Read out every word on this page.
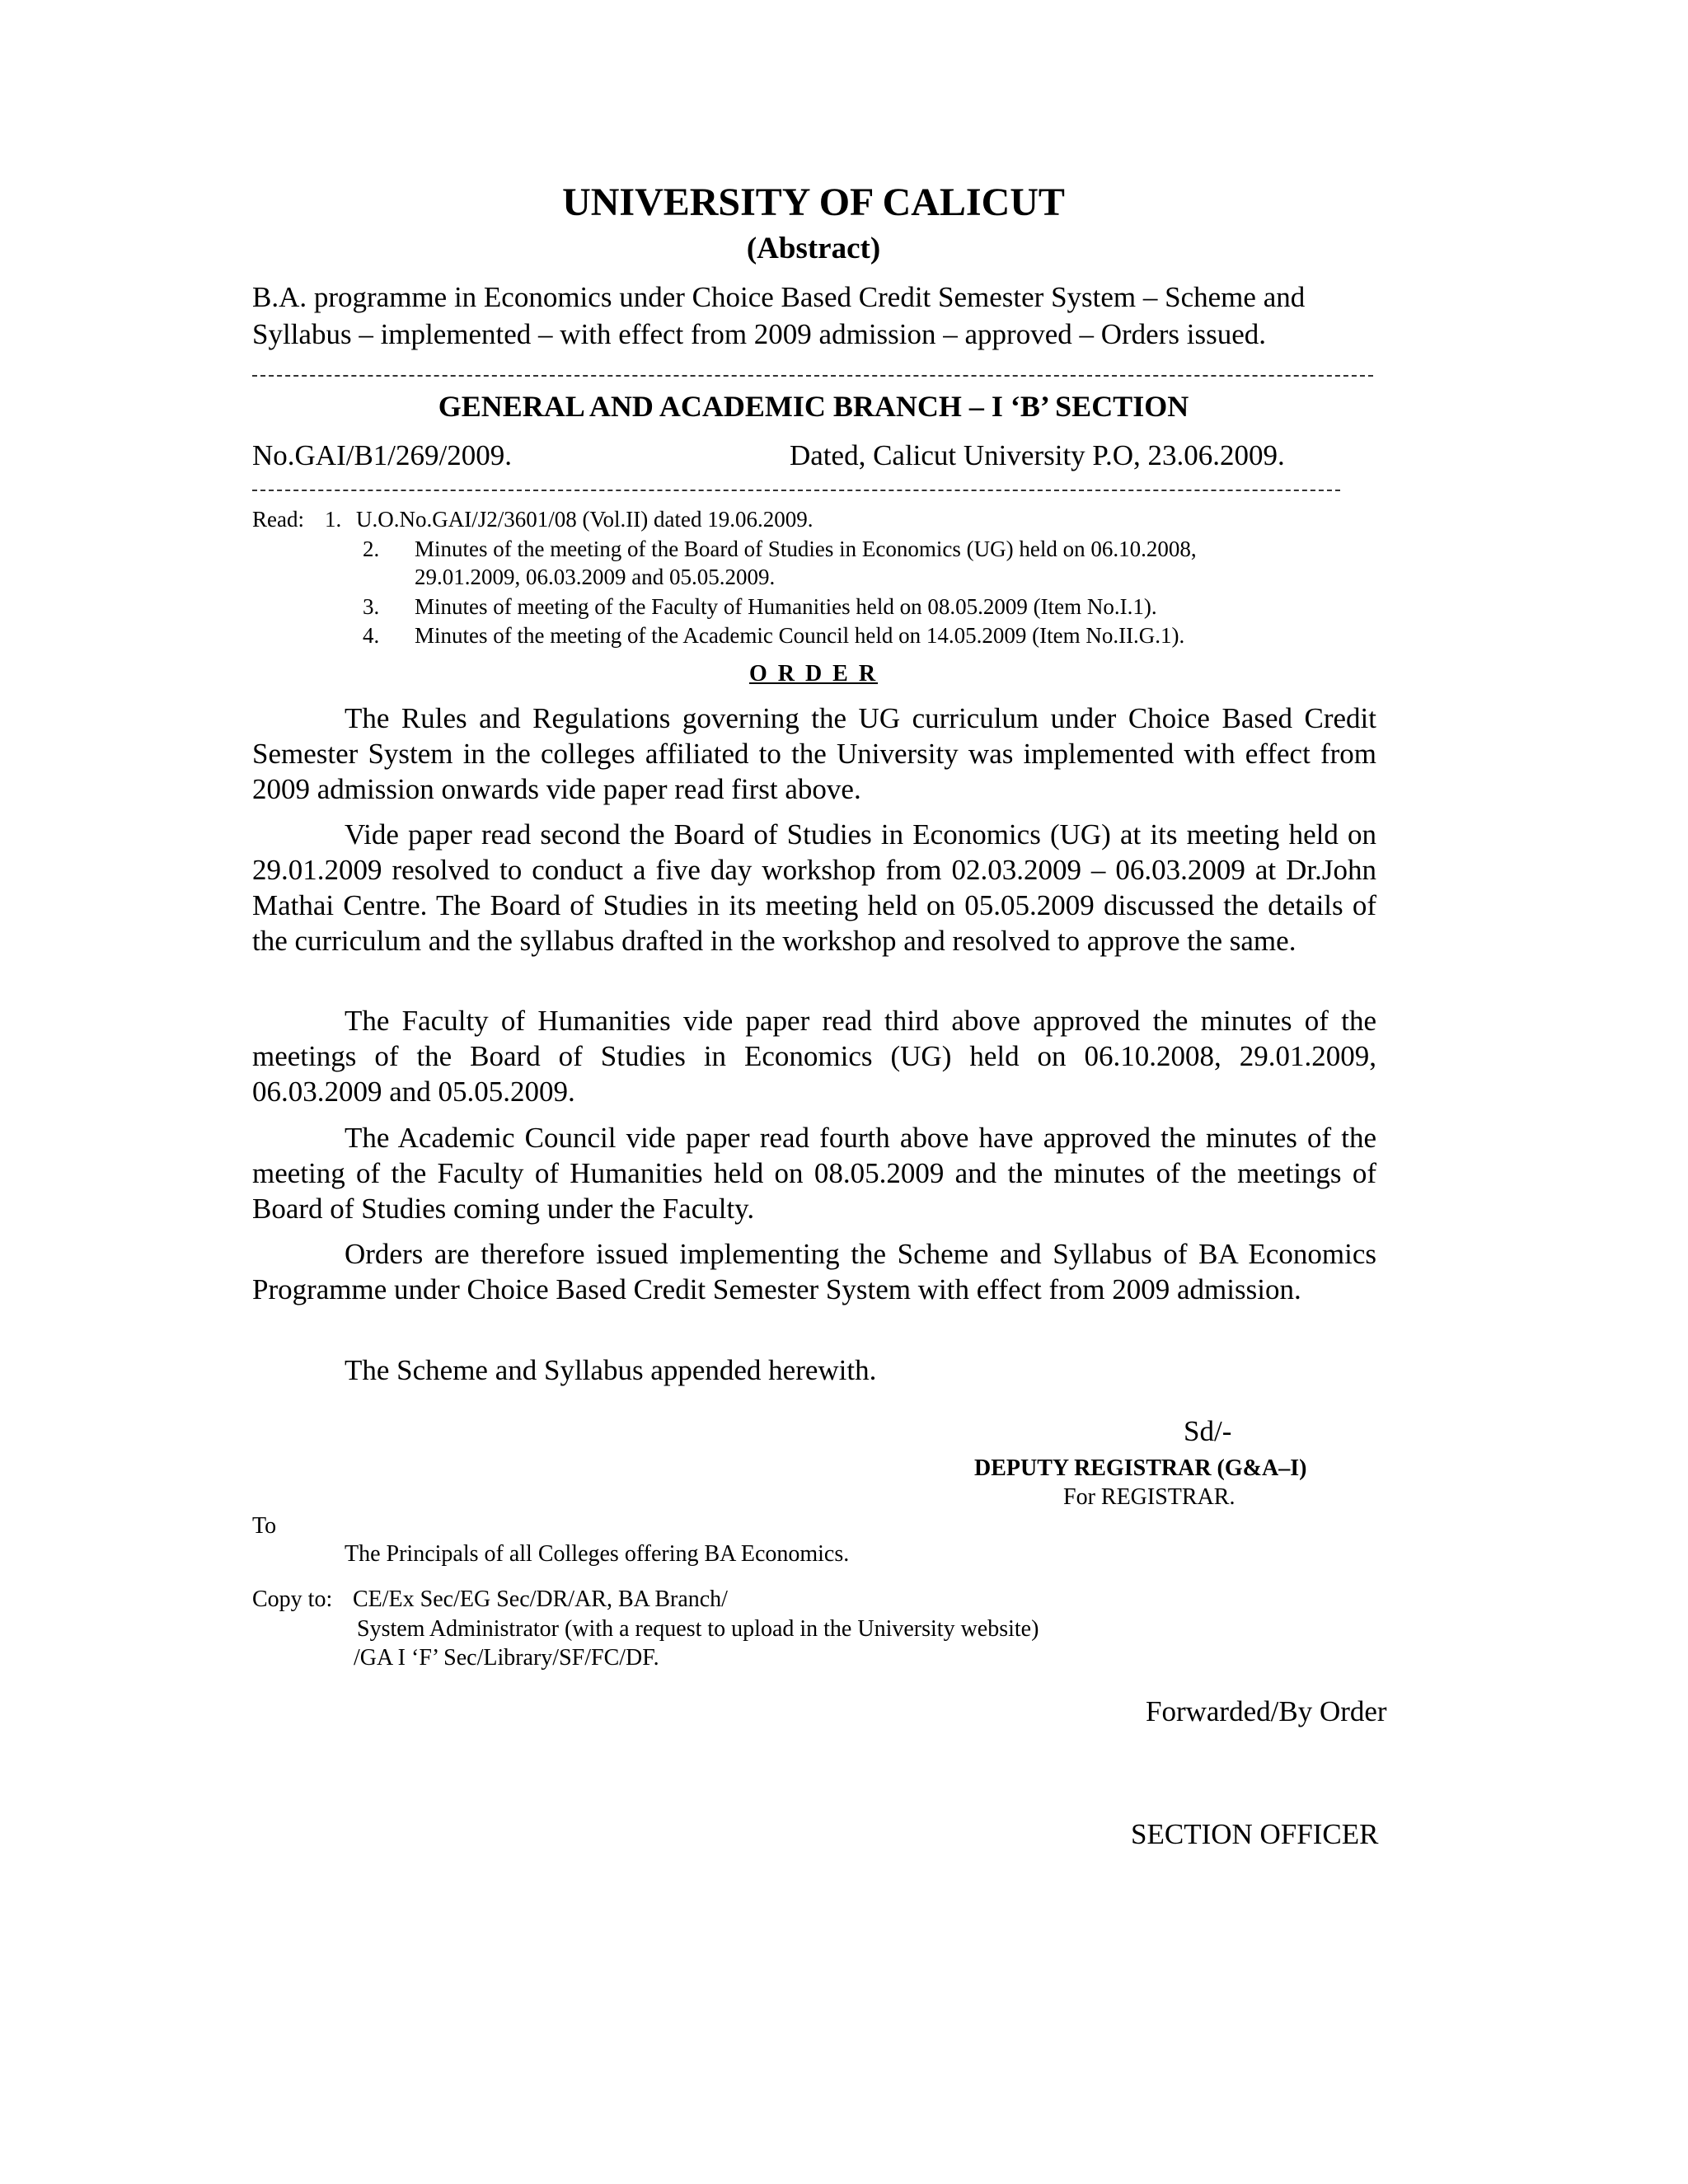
UNIVERSITY OF CALICUT
(Abstract)
B.A. programme in Economics under Choice Based Credit Semester System – Scheme and Syllabus – implemented – with effect from 2009 admission – approved – Orders issued.
GENERAL AND ACADEMIC BRANCH – I ‘B’ SECTION
No.GAI/B1/269/2009.	Dated, Calicut University P.O, 23.06.2009.
Read: 1. U.O.No.GAI/J2/3601/08 (Vol.II) dated 19.06.2009.
2. Minutes of the meeting of the Board of Studies in Economics (UG) held on 06.10.2008,
29.01.2009, 06.03.2009 and 05.05.2009.
3. Minutes of meeting of the Faculty of Humanities held on 08.05.2009 (Item No.I.1).
4. Minutes of the meeting of the Academic Council held on 14.05.2009 (Item No.II.G.1).
O R D E R
The Rules and Regulations governing the UG curriculum under Choice Based Credit Semester System in the colleges affiliated to the University was implemented with effect from 2009 admission onwards vide paper read first above.
Vide paper read second the Board of Studies in Economics (UG) at its meeting held on 29.01.2009 resolved to conduct a five day workshop from 02.03.2009 – 06.03.2009 at Dr.John Mathai Centre. The Board of Studies in its meeting held on 05.05.2009 discussed the details of the curriculum and the syllabus drafted in the workshop and resolved to approve the same.
The Faculty of Humanities vide paper read third above approved the minutes of the meetings of the Board of Studies in Economics (UG) held on 06.10.2008, 29.01.2009, 06.03.2009 and 05.05.2009.
The Academic Council vide paper read fourth above have approved the minutes of the meeting of the Faculty of Humanities held on 08.05.2009 and the minutes of the meetings of Board of Studies coming under the Faculty.
Orders are therefore issued implementing the Scheme and Syllabus of BA Economics Programme under Choice Based Credit Semester System with effect from 2009 admission.
The Scheme and Syllabus appended herewith.
Sd/-
DEPUTY REGISTRAR (G&A–I)
For REGISTRAR.
To
The Principals of all Colleges offering BA Economics.
Copy to: CE/Ex Sec/EG Sec/DR/AR, BA Branch/
System Administrator (with a request to upload in the University website)
/GA I ‘F’ Sec/Library/SF/FC/DF.
Forwarded/By Order
SECTION OFFICER
